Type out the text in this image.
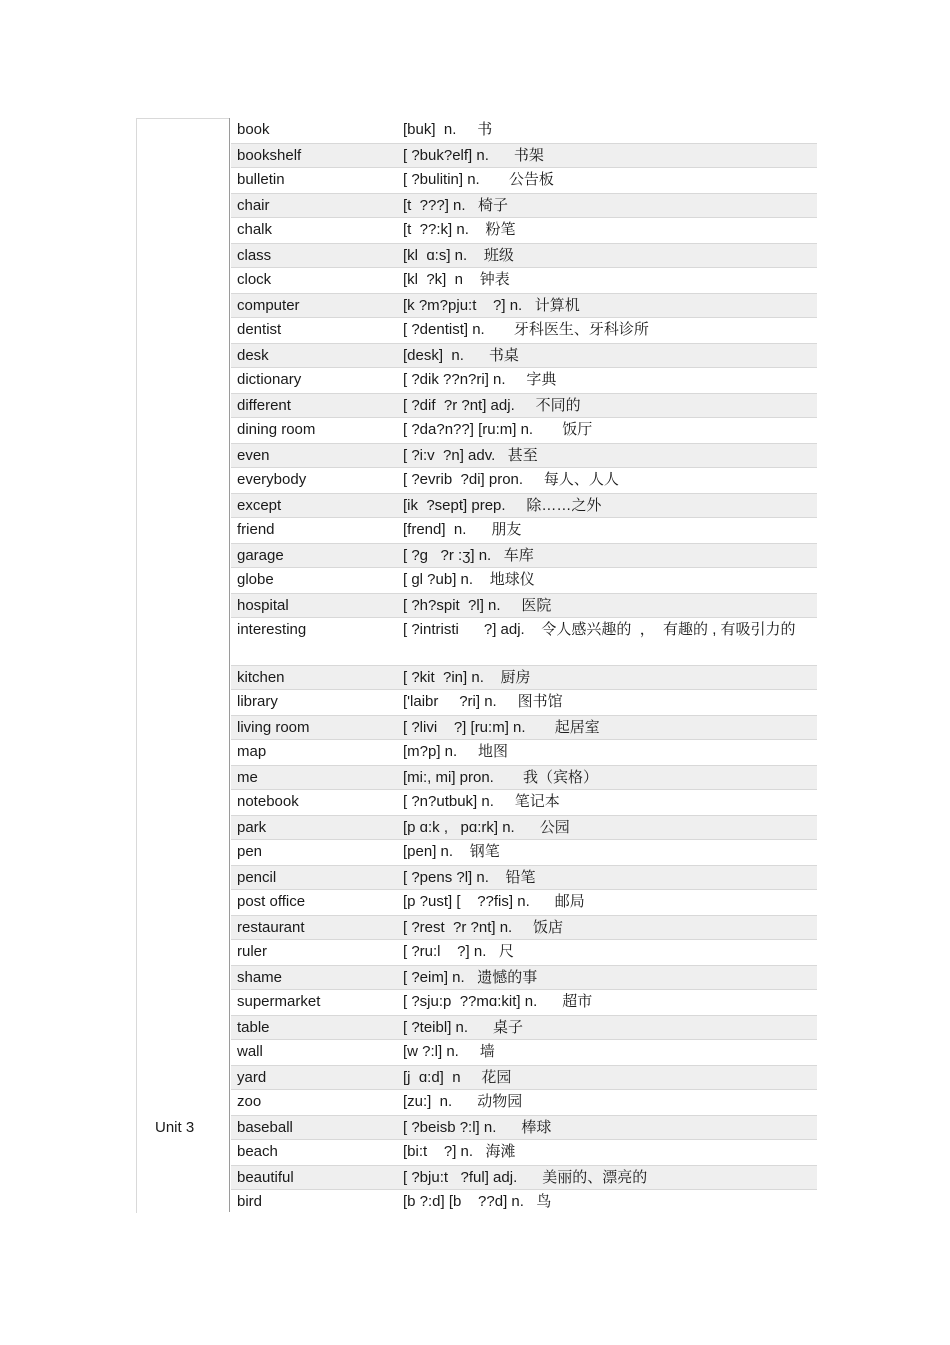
Unit 3
book	[buk]  n.     书
bookshelf	[ ?buk?elf] n.      书架
bulletin	[ ?bulitin] n.       公告板
chair	[t  ???] n.   椅子
chalk	[t  ??:k] n.    粉笔
class	[kl  ɑ:s] n.    班级
clock	[kl  ?k]  n    钟表
computer	[k ?m?pju:t    ?] n.   计算机
dentist	[ ?dentist] n.       牙科医生、牙科诊所
desk	[desk]  n.      书桌
dictionary	[ ?dik ??n?ri] n.     字典
different	[ ?dif  ?r ?nt] adj.     不同的
dining room	[ ?da?n??] [ru:m] n.       饭厅
even	[ ?i:v  ?n] adv.   甚至
everybody	[ ?evrib  ?di] pron.     每人、人人
except	[ik  ?sept] prep.     除……之外
friend	[frend]  n.      朋友
garage	[ ?g   ?r :ʒ] n.   车库
globe	[ gl ?ub] n.    地球仪
hospital	[ ?h?spit  ?l] n.     医院
interesting	[ ?intristi      ?] adj.    令人感兴趣的  ，  有趣的 , 有吸引力的
kitchen	[ ?kit  ?in] n.    厨房
library	['laibr     ?ri] n.     图书馆
living room	[ ?livi    ?] [ru:m] n.       起居室
map	[m?p] n.     地图
me	[mi:, mi] pron.       我（宾格）
notebook	[ ?n?utbuk] n.     笔记本
park	[p ɑ:k ,   pɑ:rk] n.      公园
pen	[pen] n.    钢笔
pencil	[ ?pens ?l] n.    铅笔
post office	[p ?ust] [    ??fis] n.      邮局
restaurant	[ ?rest  ?r ?nt] n.     饭店
ruler	[ ?ru:l    ?] n.   尺
shame	[ ?eim] n.   遗憾的事
supermarket	[ ?sju:p  ??mɑ:kit] n.      超市
table	[ ?teibl] n.      桌子
wall	[w ?:l] n.     墙
yard	[j  ɑ:d]  n     花园
zoo	[zu:]  n.      动物园
baseball	[ ?beisb ?:l] n.      棒球
beach	[bi:t    ?] n.   海滩
beautiful	[ ?bju:t   ?ful] adj.      美丽的、漂亮的
bird	[b ?:d] [b    ??d] n.   鸟
